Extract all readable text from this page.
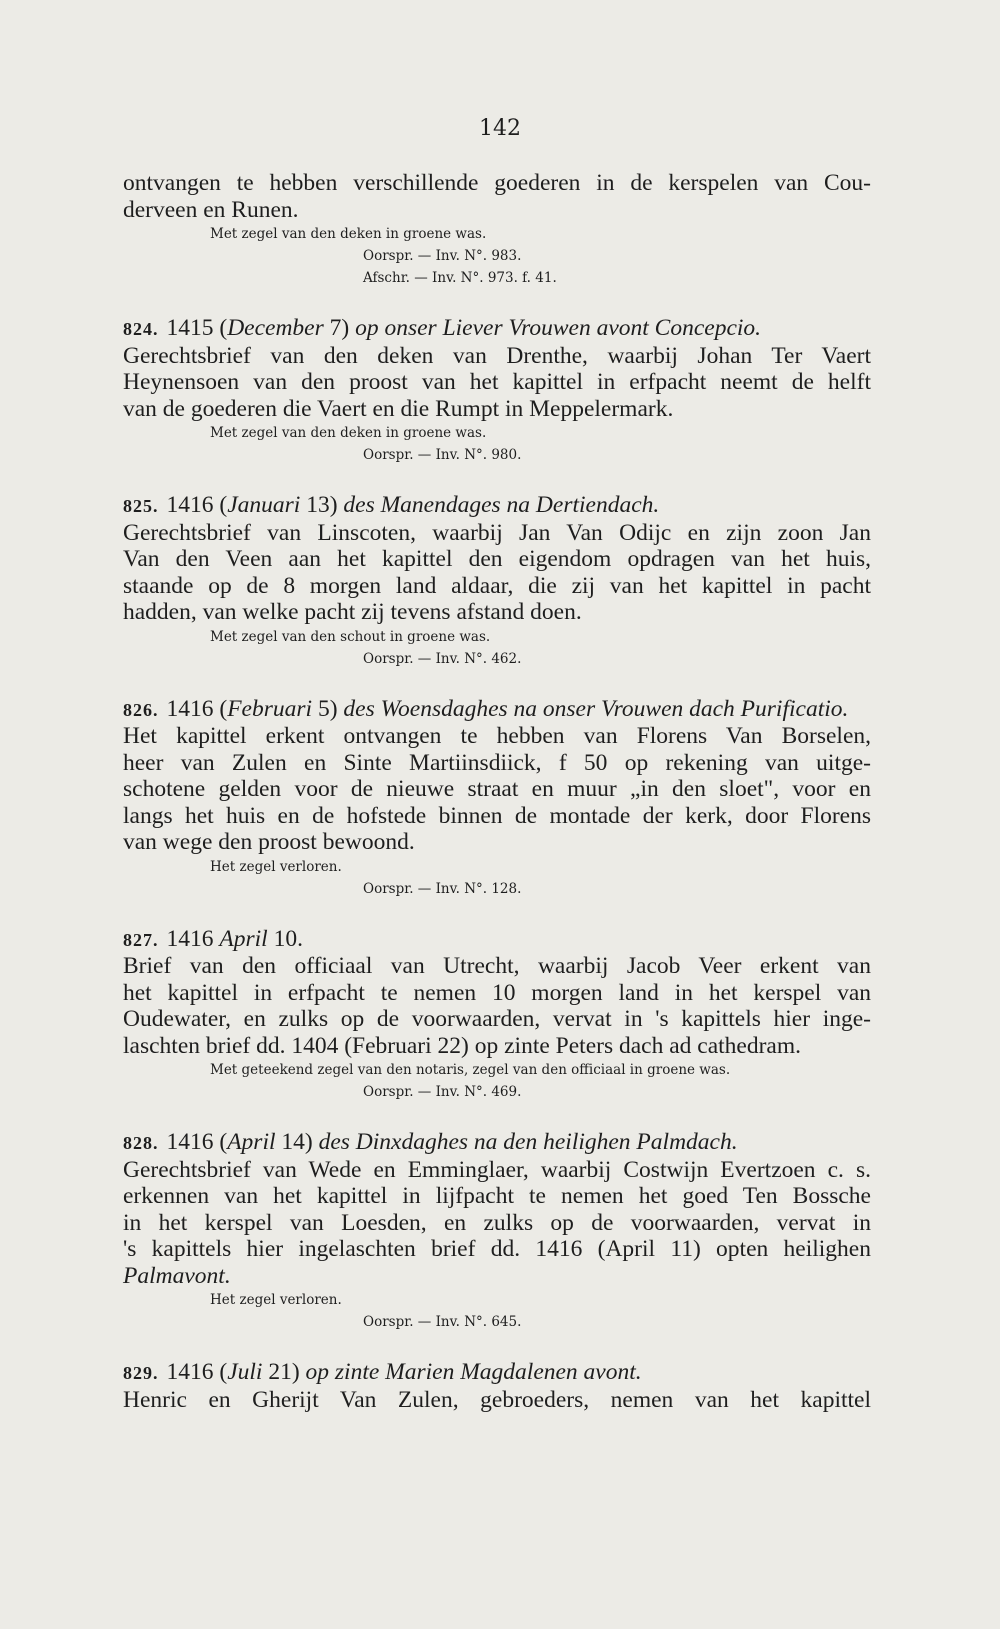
142
ontvangen te hebben verschillende goederen in de kerspelen van Cou-
derveen en Runen.
Met zegel van den deken in groene was.
Oorspr. — Inv. N°. 983.
Afschr. — Inv. N°. 973. f. 41.
824. 1415 (December 7) op onser Liever Vrouwen avont Concepcio.
Gerechtsbrief van den deken van Drenthe, waarbij Johan Ter Vaert
Heynensoen van den proost van het kapittel in erfpacht neemt de helft
van de goederen die Vaert en die Rumpt in Meppelermark.
Met zegel van den deken in groene was.
Oorspr. — Inv. N°. 980.
825. 1416 (Januari 13) des Manendages na Dertiendach.
Gerechtsbrief van Linscoten, waarbij Jan Van Odijc en zijn zoon Jan
Van den Veen aan het kapittel den eigendom opdragen van het huis,
staande op de 8 morgen land aldaar, die zij van het kapittel in pacht
hadden, van welke pacht zij tevens afstand doen.
Met zegel van den schout in groene was.
Oorspr. — Inv. N°. 462.
826. 1416 (Februari 5) des Woensdaghes na onser Vrouwen dach Purificatio.
Het kapittel erkent ontvangen te hebben van Florens Van Borselen,
heer van Zulen en Sinte Martiinsdiick, f 50 op rekening van uitge-
schotene gelden voor de nieuwe straat en muur „in den sloet", voor en
langs het huis en de hofstede binnen de montade der kerk, door Florens
van wege den proost bewoond.
Het zegel verloren.
Oorspr. — Inv. N°. 128.
827. 1416 April 10.
Brief van den officiaal van Utrecht, waarbij Jacob Veer erkent van
het kapittel in erfpacht te nemen 10 morgen land in het kerspel van
Oudewater, en zulks op de voorwaarden, vervat in 's kapittels hier inge-
laschten brief dd. 1404 (Februari 22) op zinte Peters dach ad cathedram.
Met geteekend zegel van den notaris, zegel van den officiaal in groene was.
Oorspr. — Inv. N°. 469.
828. 1416 (April 14) des Dinxdaghes na den heilighen Palmdach.
Gerechtsbrief van Wede en Emminglaer, waarbij Costwijn Evertzoen c. s.
erkennen van het kapittel in lijfpacht te nemen het goed Ten Bossche
in het kerspel van Loesden, en zulks op de voorwaarden, vervat in
's kapittels hier ingelaschten brief dd. 1416 (April 11) opten heilighen
Palmavont.
Het zegel verloren.
Oorspr. — Inv. N°. 645.
829. 1416 (Juli 21) op zinte Marien Magdalenen avont.
Henric en Gherijt Van Zulen, gebroeders, nemen van het kapittel
